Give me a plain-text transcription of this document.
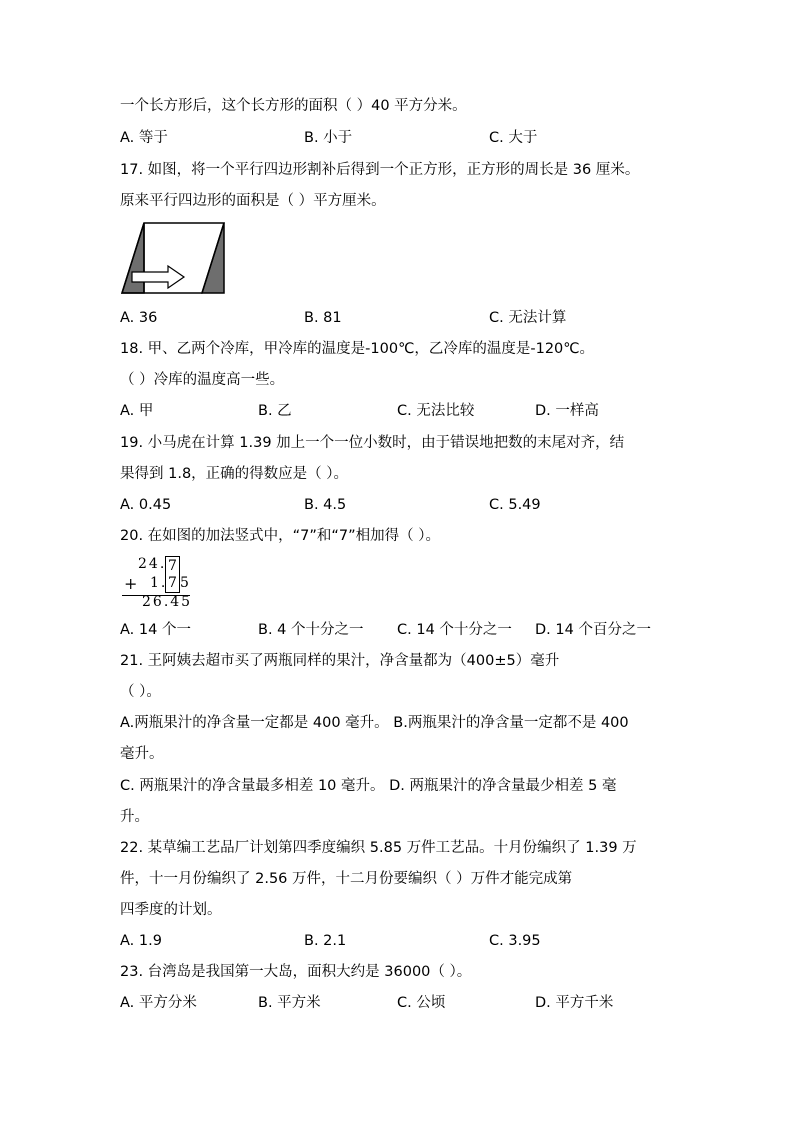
一个长方形后，这个长方形的面积（ ）40 平方分米。
A. 等于	B. 小于	C. 大于
17. 如图，将一个平行四边形割补后得到一个正方形，正方形的周长是 36 厘米。
原来平行四边形的面积是（ ）平方厘米。
A. 36	B. 81	C. 无法计算
18. 甲、乙两个冷库，甲冷库的温度是-100℃，乙冷库的温度是-120℃。
（ ）冷库的温度高一些。
A. 甲	B. 乙	C. 无法比较	D. 一样高
19. 小马虎在计算 1.39 加上一个一位小数时，由于错误地把数的末尾对齐，结
果得到 1.8，正确的得数应是（ ）。
A. 0.45	B. 4.5	C. 5.49
20. 在如图的加法竖式中，“7”和“7”相加得（ ）。
24. 7
+ 1. 7 5
26.45
A. 14 个一	B. 4 个十分之一 C. 14 个十分之一 D. 14 个百分之一
21. 王阿姨去超市买了两瓶同样的果汁，净含量都为（400±5）毫升
（ ）。
A.两瓶果汁的净含量一定都是 400 毫升。 B.两瓶果汁的净含量一定都不是 400
毫升。
C. 两瓶果汁的净含量最多相差 10 毫升。 D. 两瓶果汁的净含量最少相差 5 毫
升。
22. 某草编工艺品厂计划第四季度编织 5.85 万件工艺品。十月份编织了 1.39 万
件，十一月份编织了 2.56 万件，十二月份要编织（ ）万件才能完成第
四季度的计划。
A. 1.9	B. 2.1	C. 3.95
23. 台湾岛是我国第一大岛，面积大约是 36000（ ）。
A. 平方分米	B. 平方米	C. 公顷	D. 平方千米
